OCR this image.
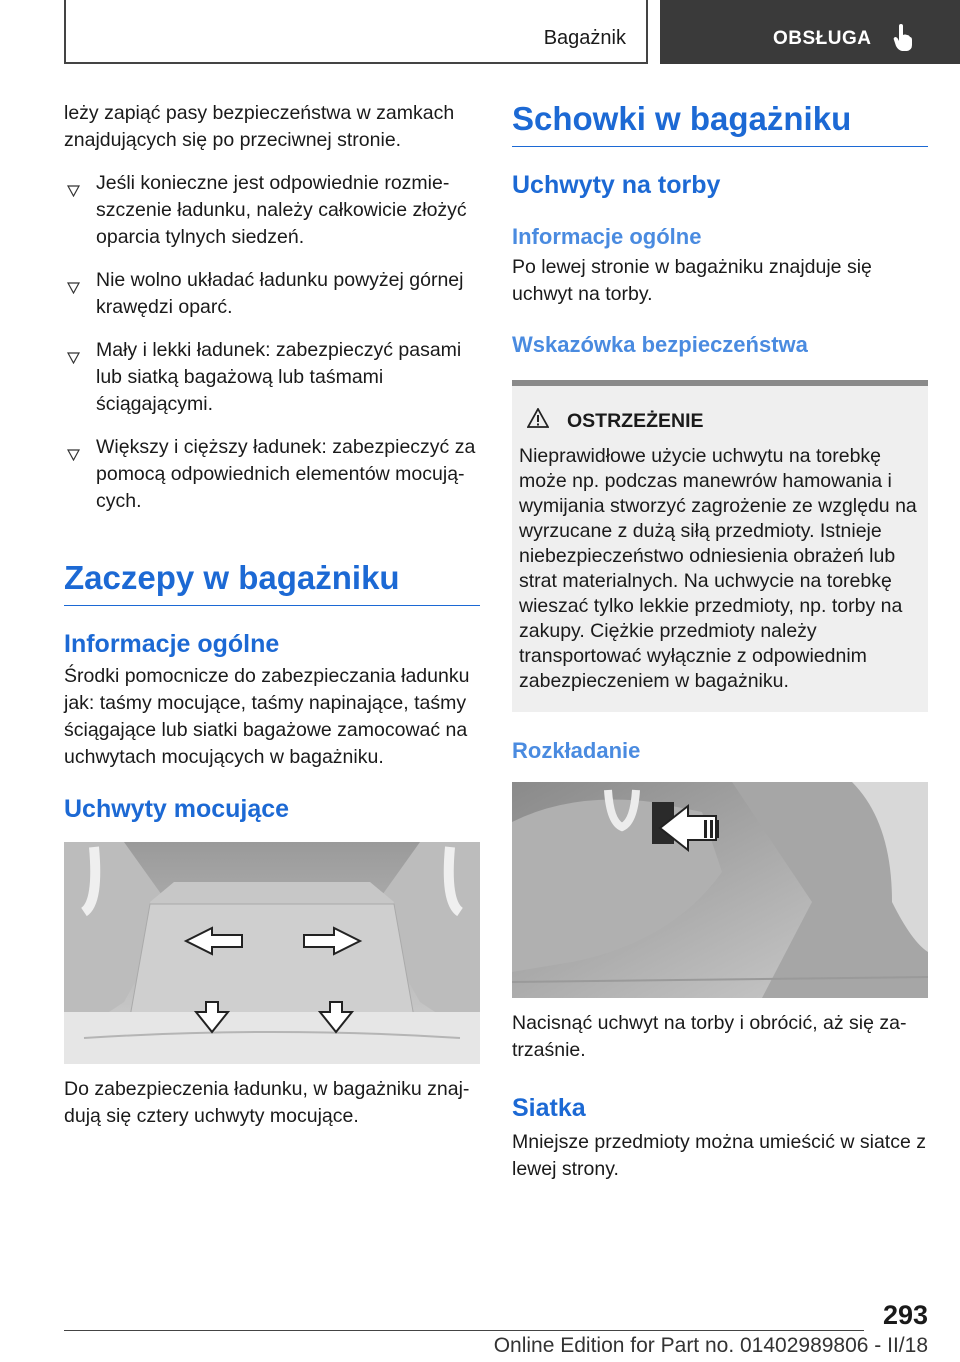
Bagażnik	OBSŁUGA

leży zapiąć pasy bezpieczeństwa w zamkach znajdujących się po przeciwnej stronie.

Jeśli konieczne jest odpowiednie rozmieszczenie ładunku, należy całkowicie złożyć oparcia tylnych siedzeń.
Nie wolno układać ładunku powyżej górnej krawędzi oparć.
Mały i lekki ładunek: zabezpieczyć pasami lub siatką bagażową lub taśmami ściągającymi.
Większy i cięższy ładunek: zabezpieczyć za pomocą odpowiednich elementów mocujących.
Zaczepy w bagażniku
Informacje ogólne

Środki pomocnicze do zabezpieczania ładunku jak: taśmy mocujące, taśmy napinające, taśmy ściągające lub siatki bagażowe zamocować na uchwytach mocujących w bagażniku.

Uchwyty mocujące

Do zabezpieczenia ładunku, w bagażniku znajdują się cztery uchwyty mocujące.

Schowki w bagażniku
Uchwyty na torby
Informacje ogólne

Po lewej stronie w bagażniku znajduje się uchwyt na torby.

Wskazówka bezpieczeństwa
OSTRZEŻENIE

Nieprawidłowe użycie uchwytu na torebkę może np. podczas manewrów hamowania i wymijania stworzyć zagrożenie ze względu na wyrzucane z dużą siłą przedmioty. Istnieje niebezpieczeństwo odniesienia obrażeń lub strat materialnych. Na uchwycie na torebkę wieszać tylko lekkie przedmioty, np. torby na zakupy. Ciężkie przedmioty należy transportować wyłącznie z odpowiednim zabezpieczeniem w bagażniku.

Rozkładanie

Nacisnąć uchwyt na torby i obrócić, aż się zatrzaśnie.

Siatka

Mniejsze przedmioty można umieścić w siatce z lewej strony.

293
Online Edition for Part no. 01402989806 - II/18
